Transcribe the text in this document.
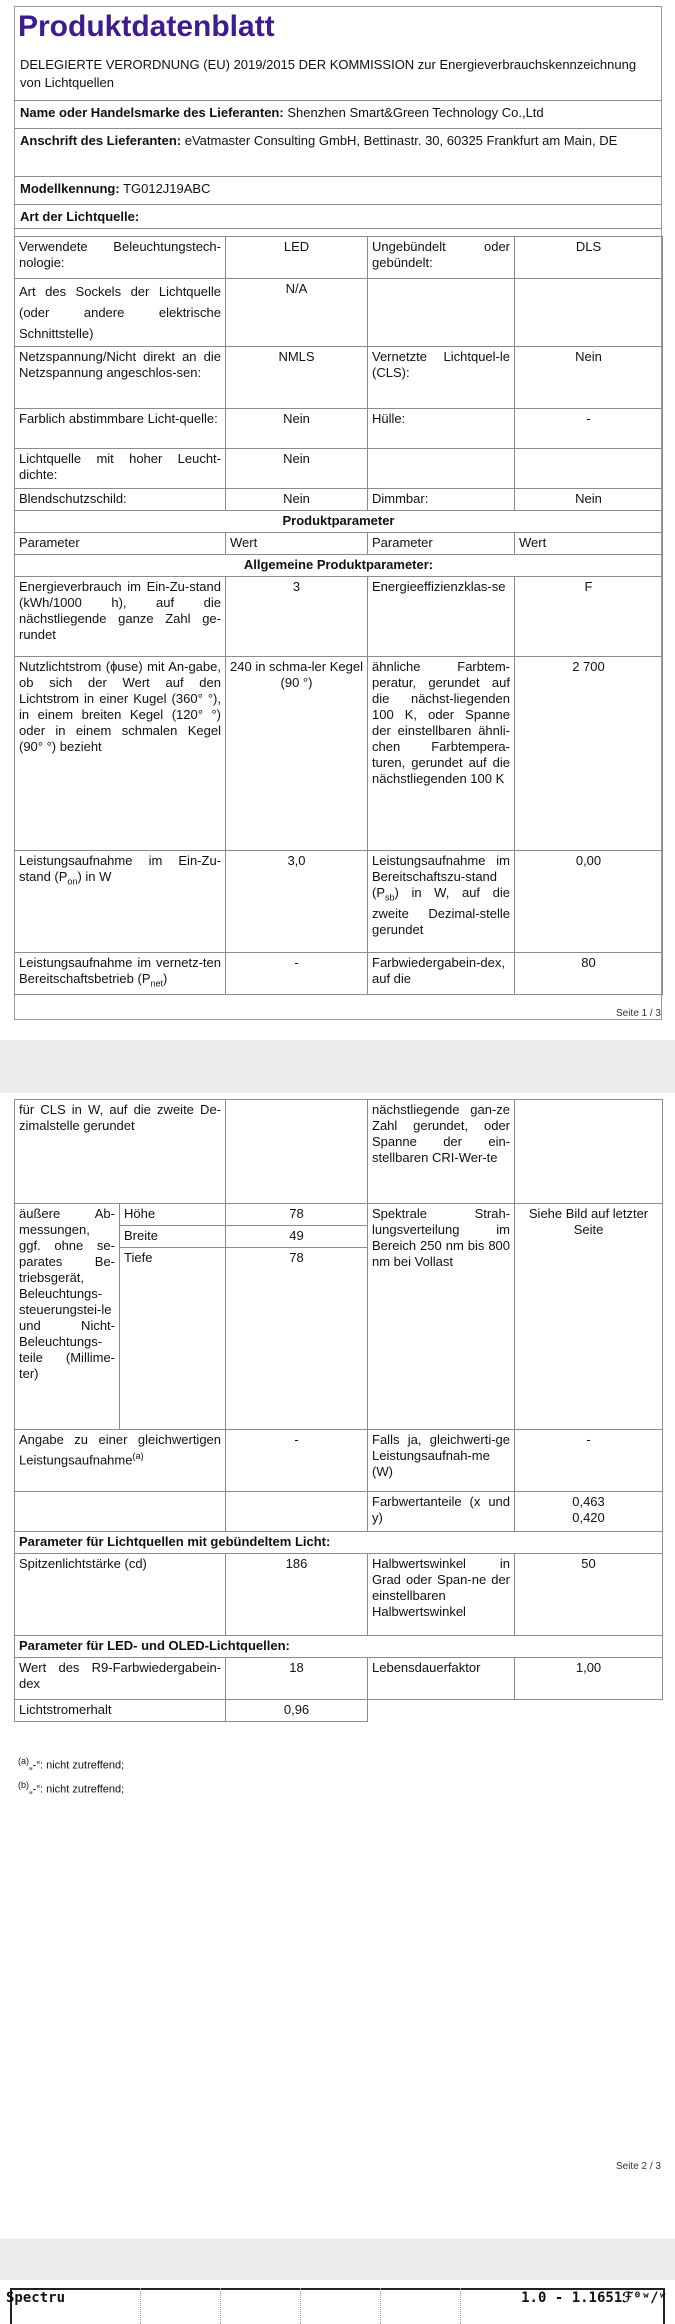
Produktdatenblatt
DELEGIERTE VERORDNUNG (EU) 2019/2015 DER KOMMISSION zur Energieverbrauchskennzeichnung von Lichtquellen
Name oder Handelsmarke des Lieferanten: Shenzhen Smart&Green Technology Co.,Ltd
Anschrift des Lieferanten: eVatmaster Consulting GmbH, Bettinastr. 30, 60325 Frankfurt am Main, DE
Modellkennung: TG012J19ABC
Art der Lichtquelle:
Verwendete Beleuchtungstech-nologie:	LED	Ungebündelt oder gebündelt:	DLS
Art des Sockels der Lichtquelle (oder andere elektrische Schnittstelle)	N/A		
Netzspannung/Nicht direkt an die Netzspannung angeschlos-sen:	NMLS	Vernetzte Lichtquel-le (CLS):	Nein
Farblich abstimmbare Licht-quelle:	Nein	Hülle:	-
Lichtquelle mit hoher Leucht-dichte:	Nein		
Blendschutzschild:	Nein	Dimmbar:	Nein
Produktparameter			
Parameter	Wert	Parameter	Wert
Allgemeine Produktparameter:			
Energieverbrauch im Ein-Zu-stand (kWh/1000 h), auf die nächstliegende ganze Zahl ge-rundet	3	Energieeffizienzklas-se	F
Nutzlichtstrom (ϕuse) mit An-gabe, ob sich der Wert auf den Lichtstrom in einer Kugel (360° °), in einem breiten Kegel (120° °) oder in einem schmalen Kegel (90° °) bezieht	240 in schma-ler Kegel (90 °)	ähnliche Farbtem-peratur, gerundet auf die nächst-liegenden 100 K, oder Spanne der einstellbaren ähnli-chen Farbtempera-turen, gerundet auf die nächstliegenden 100 K	2 700
Leistungsaufnahme im Ein-Zu-stand $(P_{on})$ in W	3,0	Leistungsaufnahme im Bereitschaftszu-stand $(P_{sb})$ in W, auf die zweite Dezimal-stelle gerundet	0,00
Leistungsaufnahme im vernetz-ten Bereitschaftsbetrieb $(P_{net})$	-	Farbwiedergabein-dex, auf die	80
Seite 1 / 3
für CLS in W, auf die zweite De-zimalstelle gerundet			nächstliegende gan-ze Zahl gerundet, oder Spanne der ein-stellbaren CRI-Wer-te	
äußere Ab-messungen, ggf. ohne se-parates Be-triebsgerät, Beleuchtungs-steuerungstei-le und Nicht-Beleuchtungs-teile (Millime-ter)	Höhe	78	Spektrale Strah-lungsverteilung im Bereich 250 nm bis 800 nm bei Vollast	Siehe Bild auf letzter Seite
	Breite	49		
	Tiefe	78		
Angabe zu einer gleichwertigen Leistungsaufnahme$^{(a)}$		-	Falls ja, gleichwerti-ge Leistungsaufnah-me (W)	-
			Farbwertanteile (x und y)	0,463
0,420

Parameter für Lichtquellen mit gebündeltem Licht:				
Spitzenlichtstärke (cd)		186	Halbwertswinkel in Grad oder Span-ne der einstellbaren Halbwertswinkel	50
Parameter für LED- und OLED-Lichtquellen:				
Wert des R9-Farbwiedergabein-dex		18	Lebensdauerfaktor	1,00
Lichtstromerhalt		0,96		
$^{(a)}$„-“: nicht zutreffend;
$^{(b)}$„-“: nicht zutreffend;
Seite 2 / 3
Spectru	1.0 - 1.1651ℱ⁰ʷ/ʷ
